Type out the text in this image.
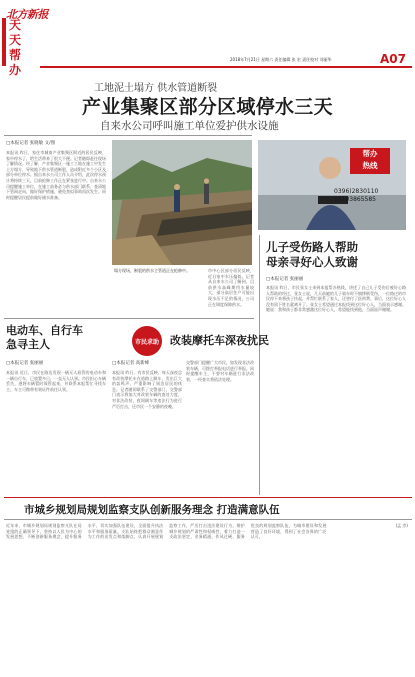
北方新报
天天
帮办
2018年7月21日 星期六 责任编辑 张 宏 责任校对 刘丽华	A07
工地泥土塌方 供水管道断裂
产业集聚区部分区域停水三天
自来水公司呼叫施工单位爱护供水设施
□本报记者 张晓敏 文/图
本报讯 昨日，家住市城南产业集聚区附近的居民反映，家中停水了，给生活带来了很大不便。记者随即赶往现场了解情况。经了解，产业集聚区一施工工地在施工中发生土方塌方，导致地下供水管道断裂，造成附近多个小区及部分单位停水。据自来水公司工作人员介绍，此次停水预计将持续三天，目前抢修工作正在紧张进行中。自来水公司提醒施工单位，在施工前务必与供水部门联系，查清地下管网走向，做好保护措施，避免类似事故再次发生。同时提醒居民提前做好储水准备。
塌方现场，断裂的供水主管道正在抢修中。	市中心区部分居民反映，近日家中水压偏低。记者从自来水公司了解到，目前供水高峰期用水量较大，部分高层住户可能出现水压不足的情况，公司正在调度保障供水。
帮办
热线
0396)2830110
15103865585
儿子受伤路人帮助
母亲寻好心人致谢
□本报记者 张丽丽
本报讯 昨日，市民张女士来到本报帮办热线，讲述了自己儿子受伤后被好心路人帮助的经过。张女士说，几天前她的儿子骑车时不慎摔倒受伤，一位路过的市民停下来将孩子扶起，并帮忙联系了家人，还垫付了医药费。事后，这位好心人没有留下姓名就离开了。张女士希望通过本报找到这位好心人，当面表示感谢。她说：我和孩子都非常感激这位好心人，希望能找到他，当面说声谢谢。
电动车、自行车
急寻主人
□本报记者 张丽丽
本报讯 近日，市民在路边发现一辆无人看管的电动车和一辆自行车，已放置多日，一直无人认领。市民担心车辆丢失，遂将车辆暂时保管起来，并联系本报帮忙寻找车主。车主可携带有效证件前往认领。
市民求助 改装摩托车深夜扰民
□本报记者 高新峰
本报讯 昨日，有市民反映，每天深夜总有改装摩托车在道路上飙车，发出巨大的轰鸣声，严重影响了周边居民的休息。记者随即联系了交警部门，交警部门表示将加大对改装车辆的查处力度，对非法改装、夜间飙车等违法行为进行严厉打击，还市民一个安静的夜晚。
交警部门提醒广大市民，如发现非法改装车辆，可拨打举报电话进行举报。同时提醒车主，不要对车辆进行非法改装，一经查实将依法处理。
市城乡规划局规划监察支队创新服务理念 打造满意队伍
近年来，市城乡规划局规划监察支队在局党组的正确领导下，坚持以人民为中心的发展思想，不断创新服务理念，提升服务水平，切实加强队伍建设，全面提升执法水平和服务质量。支队始终把群众满意作为工作的出发点和落脚点，认真开展规划监察工作，严厉打击违法建设行为，维护城乡规划的严肃性和权威性，着力打造一支政治坚定、业务精通、作风过硬、服务优良的规划监察队伍，为城市建设和发展营造了良好环境，得到了社会各界的广泛认可。
(孟 彦)
